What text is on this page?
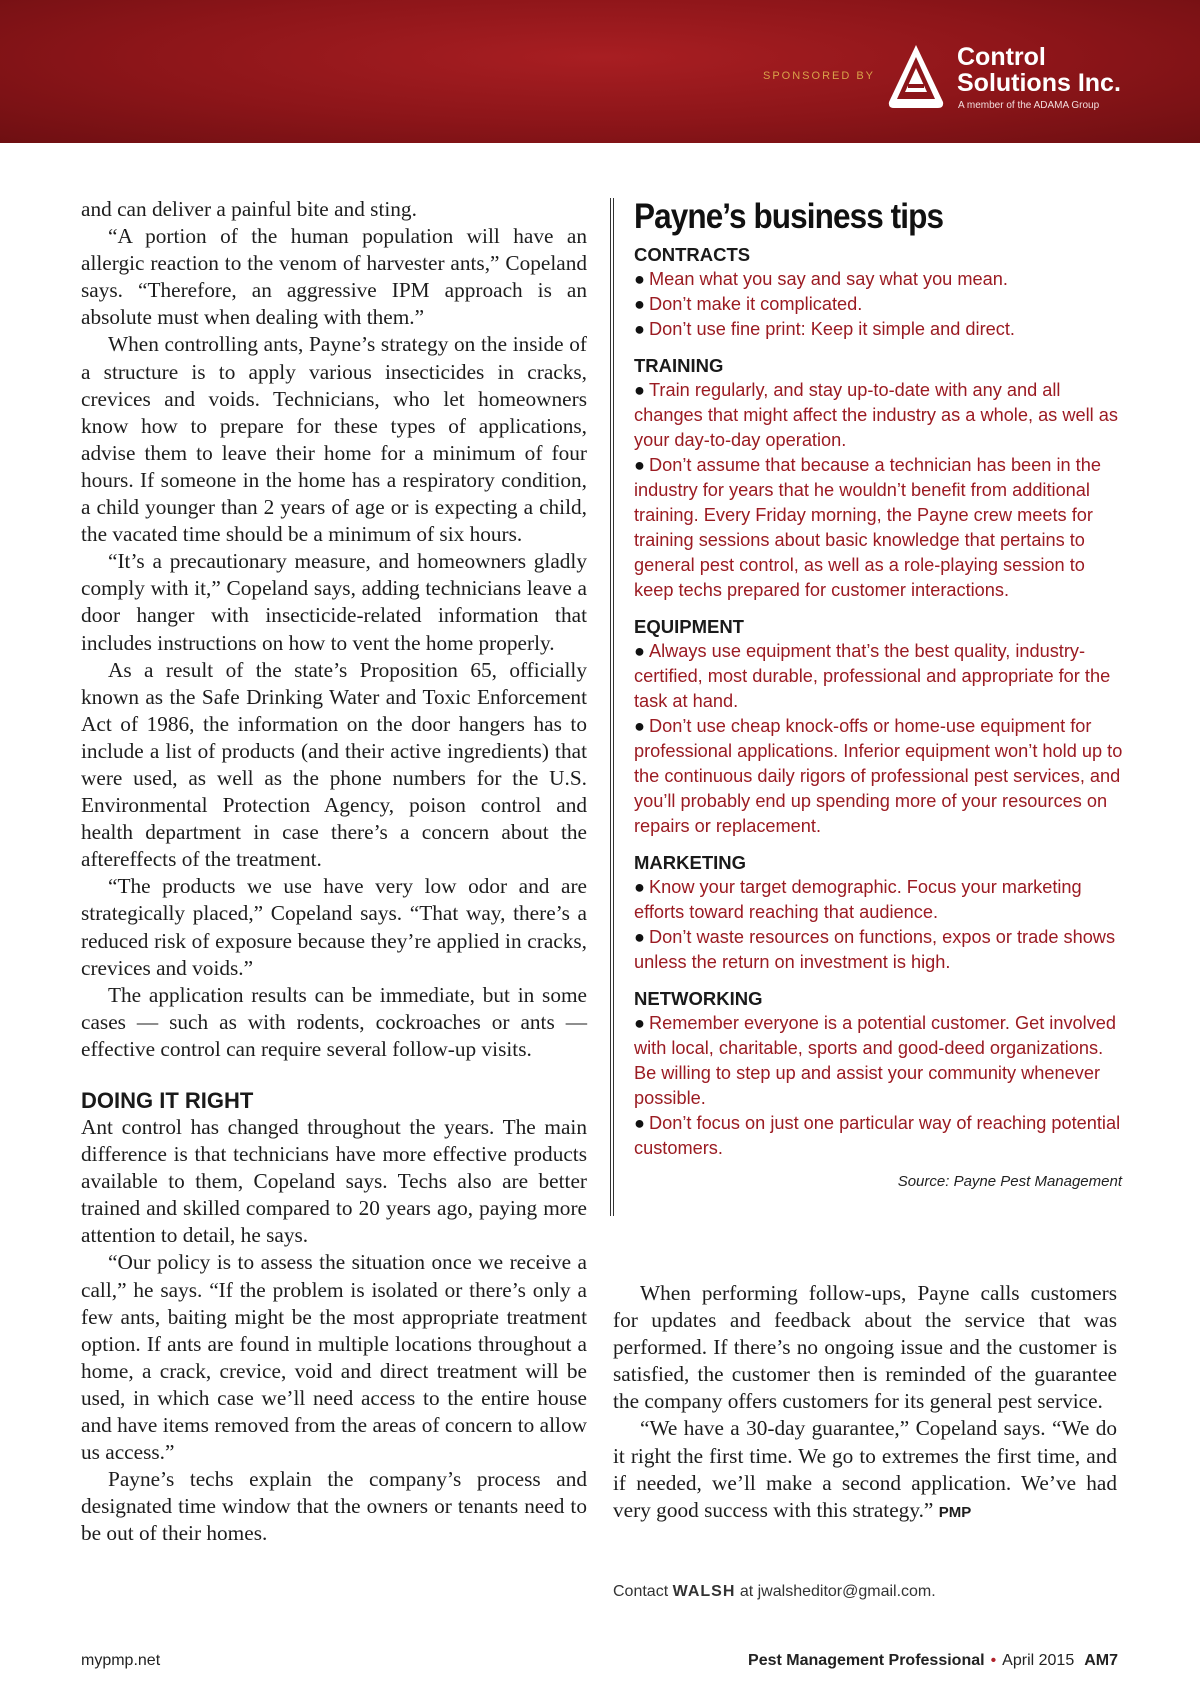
SPONSORED BY
Control
Solutions Inc.
A member of the ADAMA Group

and can deliver a painful bite and sting.

“A portion of the human population will have an allergic reaction to the venom of harvester ants,” Copeland says. “Therefore, an aggressive IPM approach is an absolute must when dealing with them.”

When controlling ants, Payne’s strategy on the inside of a structure is to apply various insecticides in cracks, crevices and voids. Technicians, who let homeowners know how to prepare for these types of applications, advise them to leave their home for a minimum of four hours. If someone in the home has a respiratory condition, a child younger than 2 years of age or is expecting a child, the vacated time should be a minimum of six hours.

“It’s a precautionary measure, and homeowners gladly comply with it,” Copeland says, adding technicians leave a door hanger with insecticide-related information that includes instructions on how to vent the home properly.

As a result of the state’s Proposition 65, officially known as the Safe Drinking Water and Toxic Enforcement Act of 1986, the information on the door hangers has to include a list of products (and their active ingredients) that were used, as well as the phone numbers for the U.S. Environmental Protection Agency, poison control and health department in case there’s a concern about the aftereffects of the treatment.

“The products we use have very low odor and are strategically placed,” Copeland says. “That way, there’s a reduced risk of exposure because they’re applied in cracks, crevices and voids.”

The application results can be immediate, but in some cases — such as with rodents, cockroaches or ants — effective control can require several follow-up visits.

DOING IT RIGHT

Ant control has changed throughout the years. The main difference is that technicians have more effective products available to them, Copeland says. Techs also are better trained and skilled compared to 20 years ago, paying more attention to detail, he says.

“Our policy is to assess the situation once we receive a call,” he says. “If the problem is isolated or there’s only a few ants, baiting might be the most appropriate treatment option. If ants are found in multiple locations throughout a home, a crack, crevice, void and direct treatment will be used, in which case we’ll need access to the entire house and have items removed from the areas of concern to allow us access.”

Payne’s techs explain the company’s process and designated time window that the owners or tenants need to be out of their homes.

Payne’s business tips
CONTRACTS
● Mean what you say and say what you mean.
● Don’t make it complicated.
● Don’t use fine print: Keep it simple and direct.
TRAINING
● Train regularly, and stay up-to-date with any and all changes that might affect the industry as a whole, as well as your day-to-day operation.
● Don’t assume that because a technician has been in the industry for years that he wouldn’t benefit from additional training. Every Friday morning, the Payne crew meets for training sessions about basic knowledge that pertains to general pest control, as well as a role-playing session to keep techs prepared for customer interactions.
EQUIPMENT
● Always use equipment that’s the best quality, industry-certified, most durable, professional and appropriate for the task at hand.
● Don’t use cheap knock-offs or home-use equipment for professional applications. Inferior equipment won’t hold up to the continuous daily rigors of professional pest services, and you’ll probably end up spending more of your resources on repairs or replacement.
MARKETING
● Know your target demographic. Focus your marketing efforts toward reaching that audience.
● Don’t waste resources on functions, expos or trade shows unless the return on investment is high.
NETWORKING
● Remember everyone is a potential customer. Get involved with local, charitable, sports and good-deed organizations. Be willing to step up and assist your community whenever possible.
● Don’t focus on just one particular way of reaching potential customers.
Source: Payne Pest Management

When performing follow-ups, Payne calls customers for updates and feedback about the service that was performed. If there’s no ongoing issue and the customer is satisfied, the customer then is reminded of the guarantee the company offers customers for its general pest service.

“We have a 30-day guarantee,” Copeland says. “We do it right the first time. We go to extremes the first time, and if needed, we’ll make a second application. We’ve had very good success with this strategy.” PMP

Contact WALSH at jwalsheditor@gmail.com.
mypmp.net	Pest Management Professional • April 2015 AM7
